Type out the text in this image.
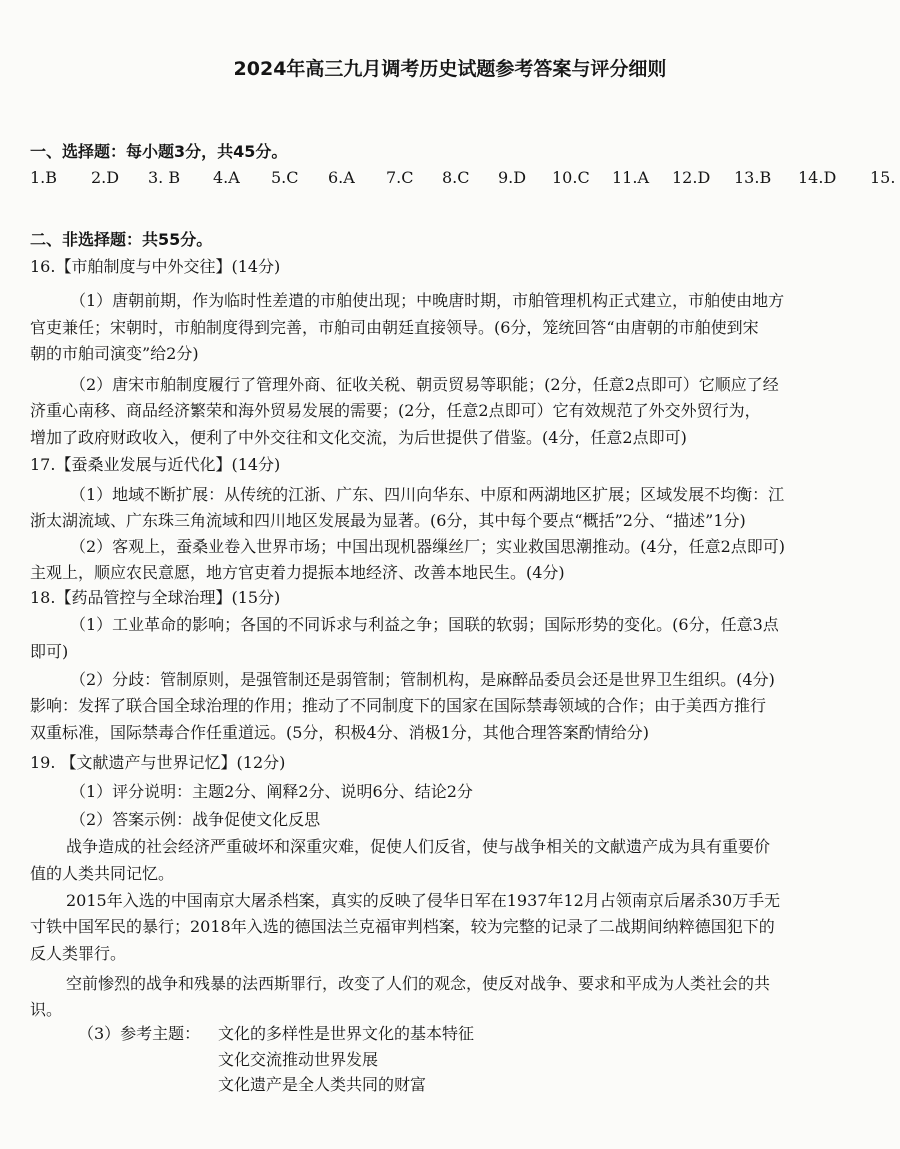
2024年高三九月调考历史试题参考答案与评分细则
一、选择题：每小题3分，共45分。
1.B 2.D 3. B 4.A 5.C 6.A 7.C 8.C 9.D 10.C 11.A 12.D 13.B 14.D 15.
二、非选择题：共55分。
16.【市舶制度与中外交往】(14分)
（1）唐朝前期，作为临时性差遣的市舶使出现；中晚唐时期，市舶管理机构正式建立，市舶使由地方
官吏兼任；宋朝时，市舶制度得到完善，市舶司由朝廷直接领导。(6分，笼统回答“由唐朝的市舶使到宋
朝的市舶司演变”给2分)
（2）唐宋市舶制度履行了管理外商、征收关税、朝贡贸易等职能；(2分，任意2点即可）它顺应了经
济重心南移、商品经济繁荣和海外贸易发展的需要；(2分，任意2点即可）它有效规范了外交外贸行为，
增加了政府财政收入，便利了中外交往和文化交流，为后世提供了借鉴。(4分，任意2点即可)
17.【蚕桑业发展与近代化】(14分)
（1）地域不断扩展：从传统的江浙、广东、四川向华东、中原和两湖地区扩展；区域发展不均衡：江
浙太湖流域、广东珠三角流域和四川地区发展最为显著。(6分，其中每个要点“概括”2分、“描述”1分)
（2）客观上，蚕桑业卷入世界市场；中国出现机器缫丝厂；实业救国思潮推动。(4分，任意2点即可)
主观上，顺应农民意愿，地方官吏着力提振本地经济、改善本地民生。(4分)
18.【药品管控与全球治理】(15分)
（1）工业革命的影响；各国的不同诉求与利益之争；国联的软弱；国际形势的变化。(6分，任意3点
即可)
（2）分歧：管制原则，是强管制还是弱管制；管制机构，是麻醉品委员会还是世界卫生组织。(4分)
影响：发挥了联合国全球治理的作用；推动了不同制度下的国家在国际禁毒领域的合作；由于美西方推行
双重标准，国际禁毒合作任重道远。(5分，积极4分、消极1分，其他合理答案酌情给分)
19. 【文献遗产与世界记忆】(12分)
（1）评分说明：主题2分、阐释2分、说明6分、结论2分
（2）答案示例：战争促使文化反思
战争造成的社会经济严重破坏和深重灾难，促使人们反省，使与战争相关的文献遗产成为具有重要价
值的人类共同记忆。
2015年入选的中国南京大屠杀档案，真实的反映了侵华日军在1937年12月占领南京后屠杀30万手无
寸铁中国军民的暴行；2018年入选的德国法兰克福审判档案，较为完整的记录了二战期间纳粹德国犯下的
反人类罪行。
空前惨烈的战争和残暴的法西斯罪行，改变了人们的观念，使反对战争、要求和平成为人类社会的共
识。
（3）参考主题： 文化的多样性是世界文化的基本特征
文化交流推动世界发展
文化遗产是全人类共同的财富
